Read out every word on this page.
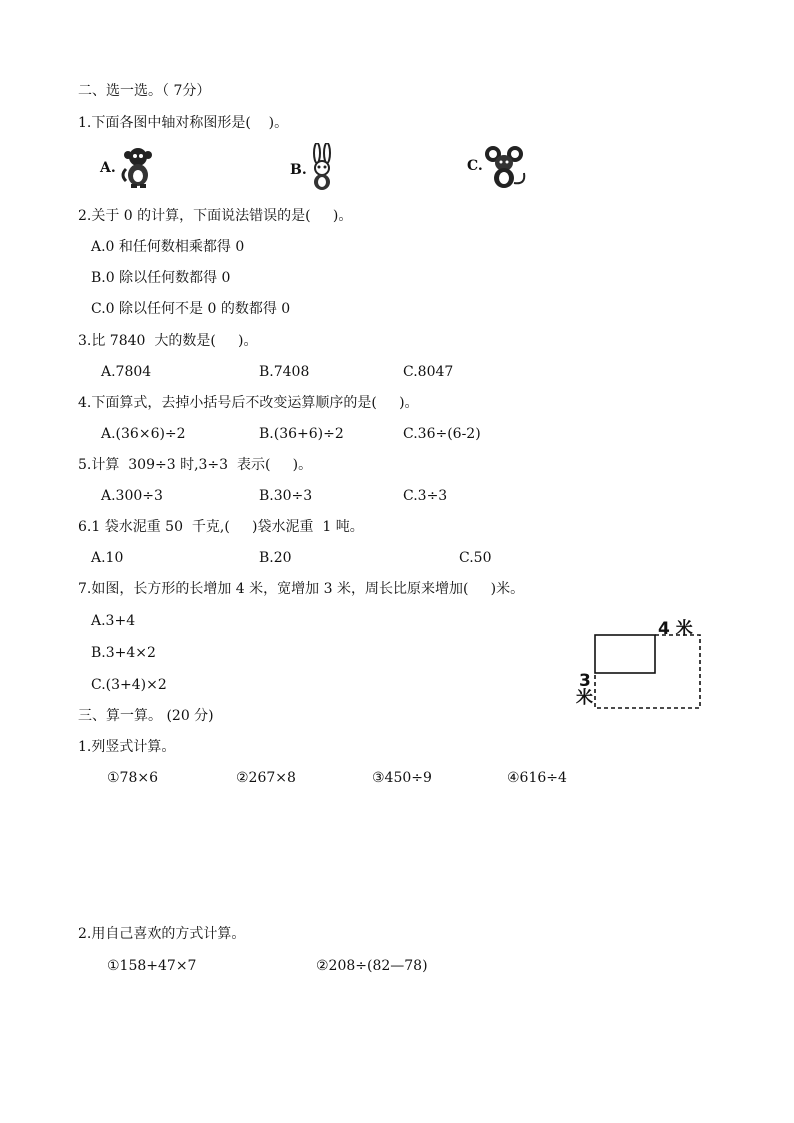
二、选一选。（ 7分）
1.下面各图中轴对称图形是(    )。
A.	B.	C.
2.关于 0 的计算，下面说法错误的是(     )。
A.0 和任何数相乘都得 0
B.0 除以任何数都得 0
C.0 除以任何不是 0 的数都得 0
3.比 7840  大的数是(     )。
A.7804	B.7408	C.8047
4.下面算式，去掉小括号后不改变运算顺序的是(     )。
A.(36×6)÷2	B.(36+6)÷2	C.36÷(6-2)
5.计算  309÷3 时,3÷3  表示(     )。
A.300÷3	B.30÷3	C.3÷3
6.1 袋水泥重 50  千克,(     )袋水泥重  1 吨。
A.10	B.20	C.50
7.如图，长方形的长增加 4 米，宽增加 3 米，周长比原来增加(     )米。
A.3+4
B.3+4×2
C.(3+4)×2
4 米
3
米
三、算一算。 (20 分)
1.列竖式计算。
①78×6	②267×8	③450÷9	④616÷4
2.用自己喜欢的方式计算。
①158+47×7	②208÷(82—78)
